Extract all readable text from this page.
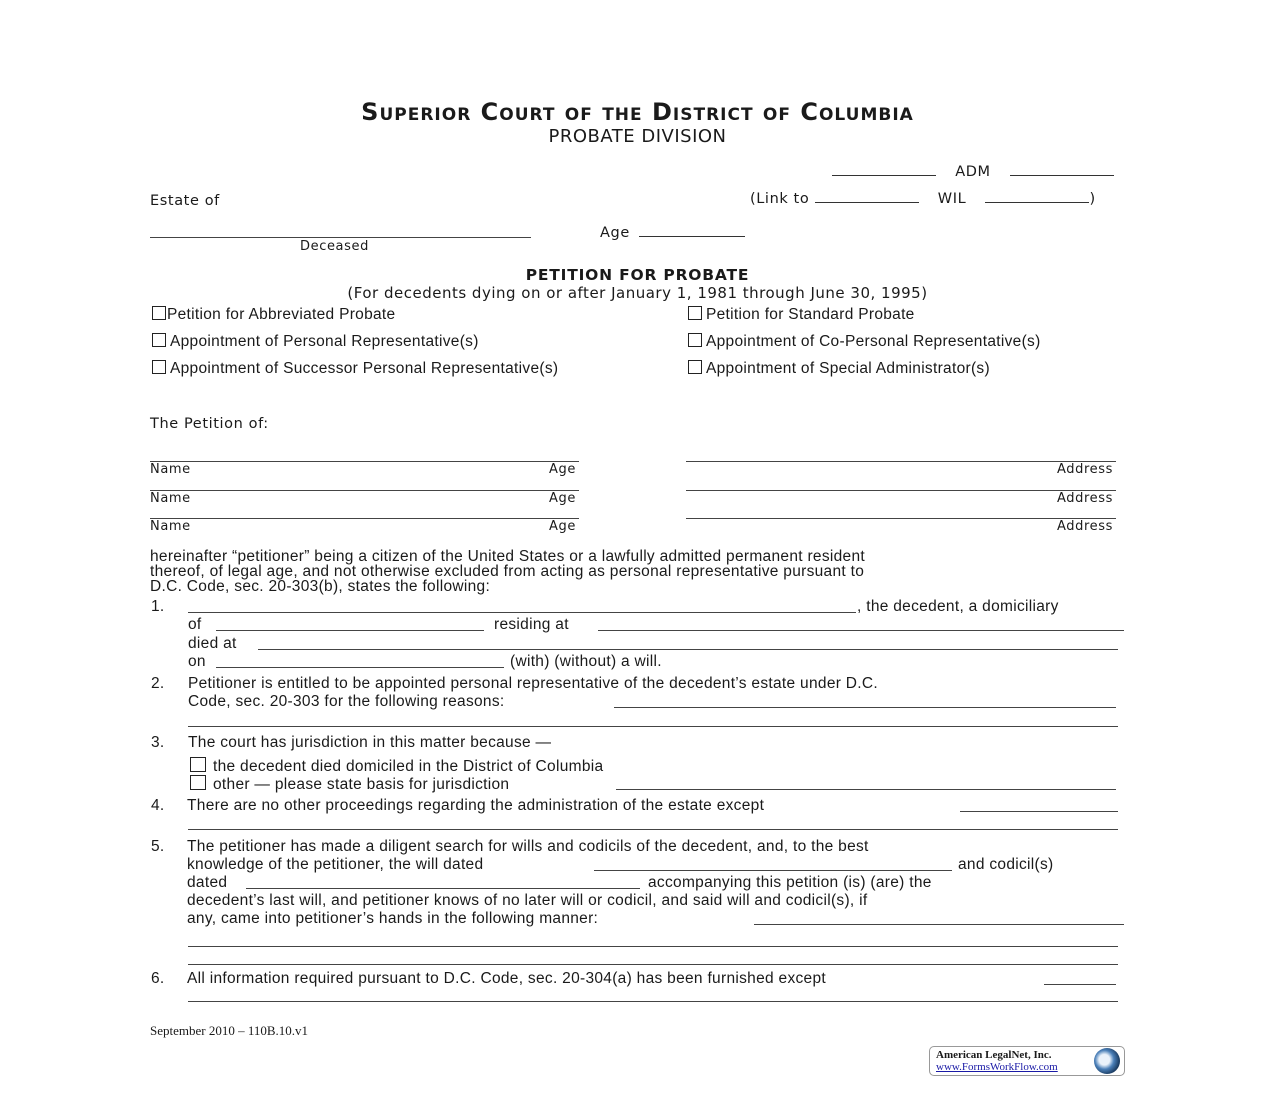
Superior Court of the District of Columbia
PROBATE DIVISION
ADM
(Link to	WIL	)
Estate of
Deceased
Age
PETITION FOR PROBATE
(For decedents dying on or after January 1, 1981 through June 30, 1995)
Petition for Abbreviated Probate
Appointment of Personal Representative(s)
Appointment of Successor Personal Representative(s)
Petition for Standard Probate
Appointment of Co-Personal Representative(s)
Appointment of Special Administrator(s)
The Petition of:
Name	Age	Address
Name	Age	Address
Name	Age	Address
hereinafter “petitioner” being a citizen of the United States or a lawfully admitted permanent resident
thereof, of legal age, and not otherwise excluded from acting as personal representative pursuant to
D.C. Code, sec. 20-303(b), states the following:
1.	, the decedent, a domiciliary
of	residing at
died at
on	(with) (without) a will.
2. Petitioner is entitled to be appointed personal representative of the decedent’s estate under D.C.
Code, sec. 20-303 for the following reasons:
3. The court has jurisdiction in this matter because —
the decedent died domiciled in the District of Columbia
other — please state basis for jurisdiction
4. There are no other proceedings regarding the administration of the estate except
5. The petitioner has made a diligent search for wills and codicils of the decedent, and, to the best
knowledge of the petitioner, the will dated	and codicil(s)
dated	accompanying this petition (is) (are) the
decedent’s last will, and petitioner knows of no later will or codicil, and said will and codicil(s), if
any, came into petitioner’s hands in the following manner:
6. All information required pursuant to D.C. Code, sec. 20-304(a) has been furnished except
September 2010 – 110B.10.v1
American LegalNet, Inc.
www.FormsWorkFlow.com
